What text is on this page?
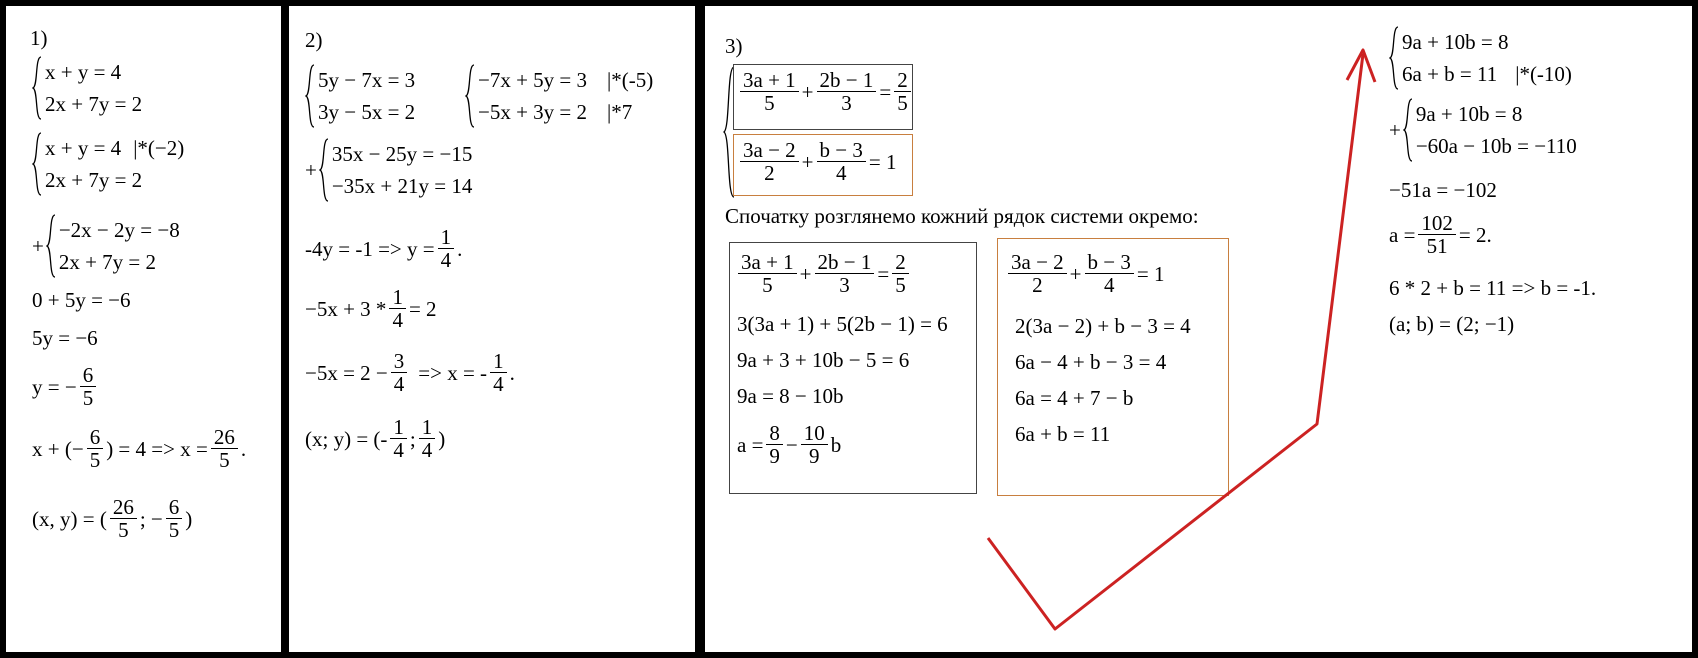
1)
x + y = 4
2x + 7y = 2
x + y = 4 |*(−2)
2x + 7y = 2
+
−2x − 2y = −8
2x + 7y = 2
0 + 5y = −6
5y = −6
y = − $\frac{6}{5}$
x + (− $\frac{6}{5}$ ) = $4 => x = \frac{26}{5}$ .
(x, y) = ( $\frac{26}{5}$ ; − $\frac{6}{5}$ )
2)
5y − 7x = 3
3y − 5x = 2
−7x + 5y = 3 |*(-5)
−5x + 3y = 2 |*7
+
35x − 25y = −15
−35x + 21y = 14
$-4y = -1 => y = \frac{1}{4}$ .
$-5x + 3 * \frac{1}{4} = 2$
$-5x = 2 - \frac{3}{4} => x$ = - $\frac{1}{4}$ .
(x; y) = (- $\frac{1}{4}$ ; $\frac{1}{4}$ )
3)
$\frac{3a + 1}{5} + \frac{2b - 1}{3} = \frac{2}{5}$
$\frac{3a - 2}{2} + \frac{b - 3}{4} = 1$
Спочатку розглянемо кожний рядок системи окремо:
$\frac{3a + 1}{5} + \frac{2b - 1}{3} = \frac{2}{5}$
3(3a + 1) + 5(2b − 1) = 6
9a + 3 + 10b − 5 = 6
9a = 8 − 10b
$a = \frac{8}{9} - \frac{10}{9}$ b
$\frac{3a - 2}{2} + \frac{b - 3}{4} = 1$
2(3a − 2) + b − 3 = 4
6a − 4 + b − 3 = 4
6a = 4 + 7 − b
6a + b = 11
9a + 10b = 8
6a + b = 11 |*(-10)
+
9a + 10b = 8
−60a − 10b = −110
−51a = −102
$a = \frac{102}{51} = 2$.
6 * 2 + b = 11 => b = -1.
(a; b) = (2; −1)
